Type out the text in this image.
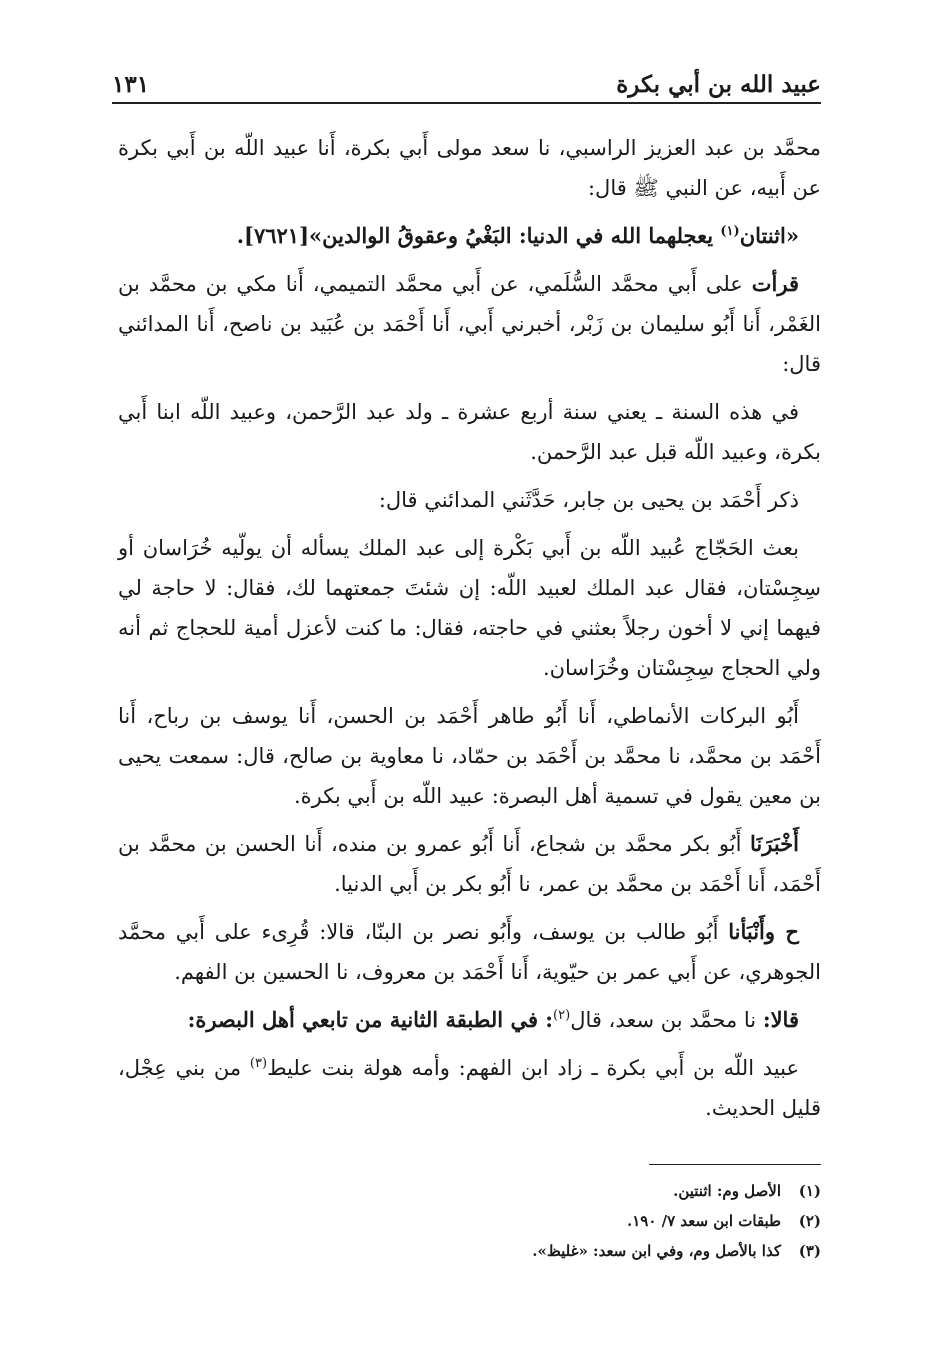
عبيد الله بن أبي بكرة
١٣١

محمَّد بن عبد العزيز الراسبي، نا سعد مولى أَبي بكرة، أَنا عبيد اللّه بن أَبي بكرة عن أَبيه، عن النبي ﷺ قال:

«اثنتان$^{(١)}$ يعجلهما الله في الدنيا: البَغْيُ وعقوقُ الوالدين»[٧٦٢١].

قرأت على أَبي محمَّد السُّلَمي، عن أَبي محمَّد التميمي، أَنا مكي بن محمَّد بن الغَمْر، أَنا أَبُو سليمان بن زَبْر، أخبرني أَبي، أَنا أَحْمَد بن عُبَيد بن ناصح، أَنا المدائني قال:

في هذه السنة ـ يعني سنة أربع عشرة ـ ولد عبد الرَّحمن، وعبيد اللّه ابنا أَبي بكرة، وعبيد اللّه قبل عبد الرَّحمن.

ذكر أَحْمَد بن يحيى بن جابر، حَدَّثَني المدائني قال:

بعث الحَجّاج عُبيد اللّه بن أَبي بَكْرة إلى عبد الملك يسأله أن يولّيه خُرَاسان أو سِجِسْتان، فقال عبد الملك لعبيد اللّه: إن شئتَ جمعتهما لك، فقال: لا حاجة لي فيهما إني لا أخون رجلاً بعثني في حاجته، فقال: ما كنت لأعزل أمية للحجاج ثم أنه ولي الحجاج سِجِسْتان وخُرَاسان.

أَبُو البركات الأنماطي، أَنا أَبُو طاهر أَحْمَد بن الحسن، أَنا يوسف بن رباح، أَنا أَحْمَد بن محمَّد، نا محمَّد بن أَحْمَد بن حمّاد، نا معاوية بن صالح، قال: سمعت يحيى بن معين يقول في تسمية أهل البصرة: عبيد اللّه بن أَبي بكرة.

أَخْبَرَنَا أَبُو بكر محمَّد بن شجاع، أَنا أَبُو عمرو بن منده، أَنا الحسن بن محمَّد بن أَحْمَد، أَنا أَحْمَد بن محمَّد بن عمر، نا أَبُو بكر بن أَبي الدنيا.

ح وأَنْبَأنا أَبُو طالب بن يوسف، وأَبُو نصر بن البنّا، قالا: قُرِىء على أَبي محمَّد الجوهري، عن أَبي عمر بن حيّوية، أَنا أَحْمَد بن معروف، نا الحسين بن الفهم.

قالا: نا محمَّد بن سعد، قال$^{(٢)}$: في الطبقة الثانية من تابعي أهل البصرة:

عبيد اللّه بن أَبي بكرة ـ زاد ابن الفهم: وأمه هولة بنت عليط$^{(٣)}$ من بني عِجْل، قليل الحديث.

(١)الأصل وم: اثنتين.

(٢)طبقات ابن سعد ٧/ ١٩٠.

(٣)كذا بالأصل وم، وفي ابن سعد: «غليظ».
